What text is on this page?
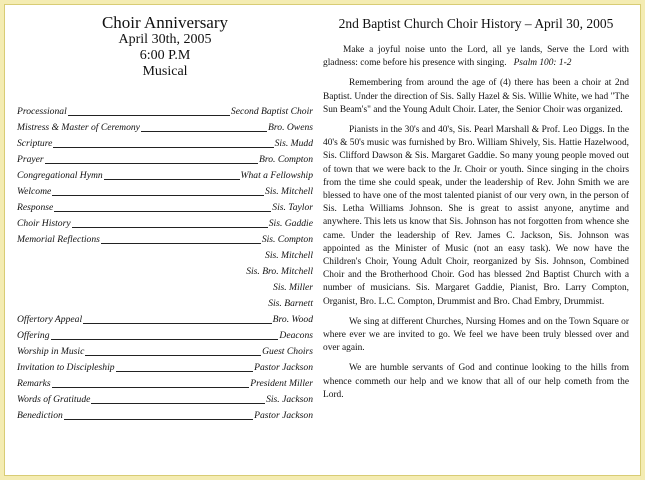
Choir Anniversary
April 30th, 2005
6:00 P.M
Musical
Processional	Second Baptist Choir
Mistress & Master of Ceremony	Bro. Owens
Scripture	Sis. Mudd
Prayer	Bro. Compton
Congregational Hymn	What a Fellowship
Welcome	Sis. Mitchell
Response	Sis. Taylor
Choir History	Sis. Gaddie
Memorial Reflections	Sis. Compton
Sis. Mitchell
Sis. Bro. Mitchell
Sis. Miller
Sis. Barnett
Offertory Appeal	Bro. Wood
Offering	Deacons
Worship in Music	Guest Choirs
Invitation to Discipleship	Pastor Jackson
Remarks	President Miller
Words of Gratitude	Sis. Jackson
Benediction	Pastor Jackson
2nd Baptist Church Choir History – April 30, 2005

Make a joyful noise unto the Lord, all ye lands, Serve the Lord with gladness: come before his presence with singing. Psalm 100: 1-2

Remembering from around the age of (4) there has been a choir at 2nd Baptist. Under the direction of Sis. Sally Hazel & Sis. Willie White, we had "The Sun Beam's" and the Young Adult Choir. Later, the Senior Choir was organized.

Pianists in the 30's and 40's, Sis. Pearl Marshall & Prof. Leo Diggs. In the 40's & 50's music was furnished by Bro. William Shively, Sis. Hattie Hazelwood, Sis. Clifford Dawson & Sis. Margaret Gaddie. So many young people moved out of town that we were back to the Jr. Choir or youth. Since singing in the choirs from the time she could speak, under the leadership of Rev. John Smith we are blessed to have one of the most talented pianist of our very own, in the person of Sis. Letha Williams Johnson. She is great to assist anyone, anytime and anywhere. This lets us know that Sis. Johnson has not forgotten from whence she came. Under the leadership of Rev. James C. Jackson, Sis. Johnson was appointed as the Minister of Music (not an easy task). We now have the Children's Choir, Young Adult Choir, reorganized by Sis. Johnson, Combined Choir and the Brotherhood Choir. God has blessed 2nd Baptist Church with a number of musicians. Sis. Margaret Gaddie, Pianist, Bro. Larry Compton, Organist, Bro. L.C. Compton, Drummist and Bro. Chad Embry, Drummist.

We sing at different Churches, Nursing Homes and on the Town Square or where ever we are invited to go. We feel we have been truly blessed over and over again.

We are humble servants of God and continue looking to the hills from whence commeth our help and we know that all of our help cometh from the Lord.
